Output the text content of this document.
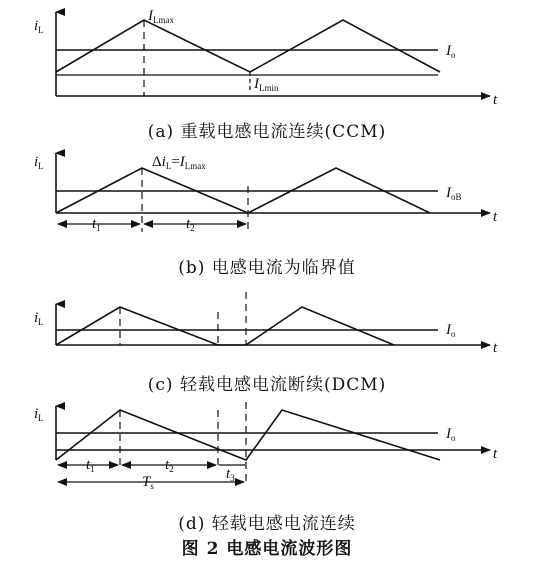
$i_L$
t
$I_{Lmax}$
$I_{Lmin}$
$I_o$
$i_L$
t
$\Delta i_L=I_{Lmax}$
$I_{oB}$
$t_1$	$t_2$
$i_L$
t
$I_o$
$i_L$
t
$I_o$
$t_1$	$t_2$	$t_3$
$T_s$
(a) 重载电感电流连续(CCM)
(b) 电感电流为临界值
(c) 轻载电感电流断续(DCM)
(d) 轻载电感电流连续
图 2 电感电流波形图
